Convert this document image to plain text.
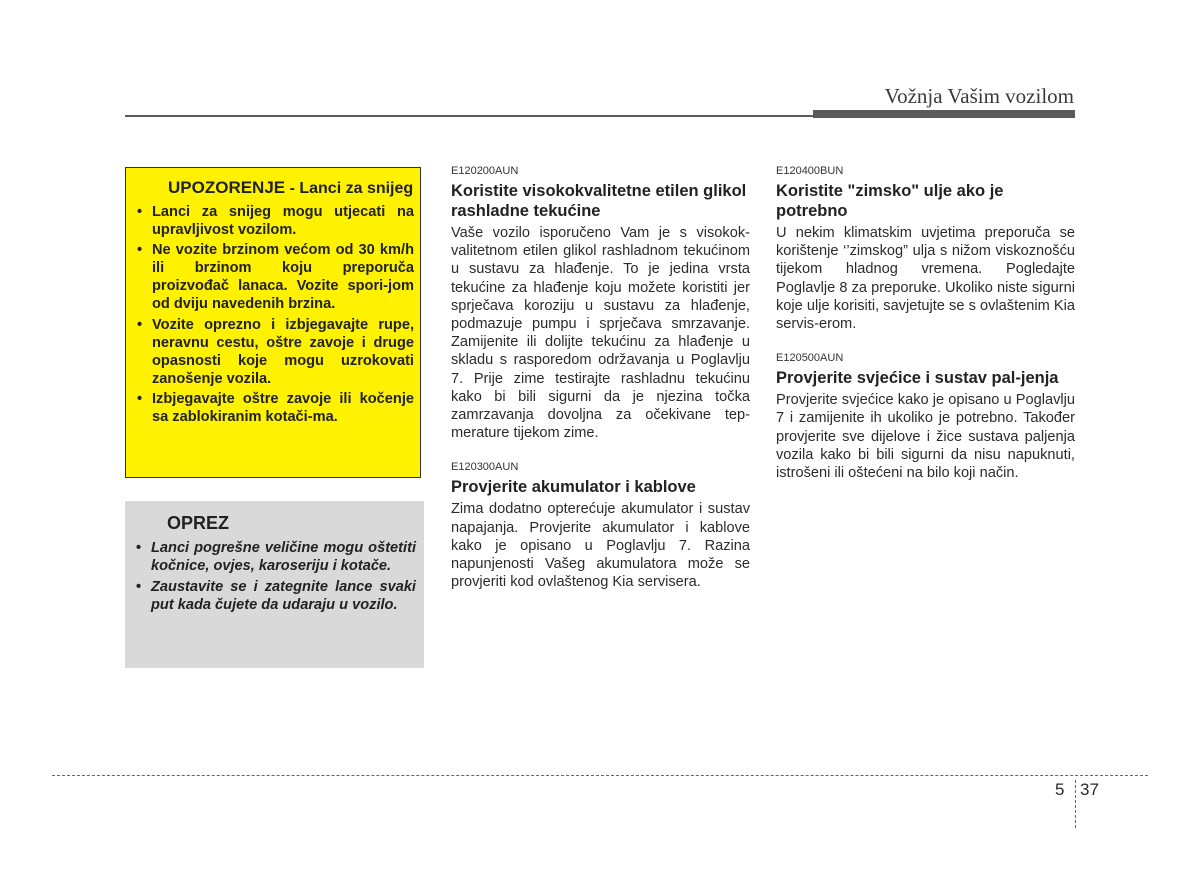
Vožnja Vašim vozilom
UPOZORENJE - Lanci za snijeg
• Lanci za snijeg mogu utjecati na upravljivost vozilom.
• Ne vozite brzinom većom od 30 km/h ili brzinom koju preporuča proizvođač lanaca. Vozite spori-jom od dviju navedenih brzina.
• Vozite oprezno i izbjegavajte rupe, neravnu cestu, oštre zavoje i druge opasnosti koje mogu uzrokovati zanošenje vozila.
• Izbjegavajte oštre zavoje ili kočenje sa zablokiranim kotači-ma.
OPREZ
• Lanci pogrešne veličine mogu oštetiti kočnice, ovjes, karoseriju i kotače.
• Zaustavite se i zategnite lance svaki put kada čujete da udaraju u vozilo.
E120200AUN
Koristite visokokvalitetne etilen glikol rashladne tekućine
Vaše vozilo isporučeno Vam je s visokok-valitetnom etilen glikol rashladnom tekućinom u sustavu za hlađenje. To je jedina vrsta tekućine za hlađenje koju možete koristiti jer sprječava koroziju u sustavu za hlađenje, podmazuje pumpu i sprječava smrzavanje. Zamijenite ili dolijte tekućinu za hlađenje u skladu s rasporedom održavanja u Poglavlju 7. Prije zime testirajte rashladnu tekućinu kako bi bili sigurni da je njezina točka zamrzavanja dovoljna za očekivane tep-merature tijekom zime.
E120300AUN
Provjerite akumulator i kablove
Zima dodatno opterećuje akumulator i sustav napajanja. Provjerite akumulator i kablove kako je opisano u Poglavlju 7. Razina napunjenosti Vašeg akumulatora može se provjeriti kod ovlaštenog Kia servisera.
E120400BUN
Koristite "zimsko" ulje ako je potrebno
U nekim klimatskim uvjetima preporuča se korištenje ‘’zimskog” ulja s nižom viskoznošću tijekom hladnog vremena. Pogledajte Poglavlje 8 za preporuke. Ukoliko niste sigurni koje ulje korisiti, savjetujte se s ovlaštenim Kia servis-erom.
E120500AUN
Provjerite svjećice i sustav pal-jenja
Provjerite svjećice kako je opisano u Poglavlju 7 i zamijenite ih ukoliko je potrebno. Također provjerite sve dijelove i žice sustava paljenja vozila kako bi bili sigurni da nisu napuknuti, istrošeni ili oštećeni na bilo koji način.
5 37
